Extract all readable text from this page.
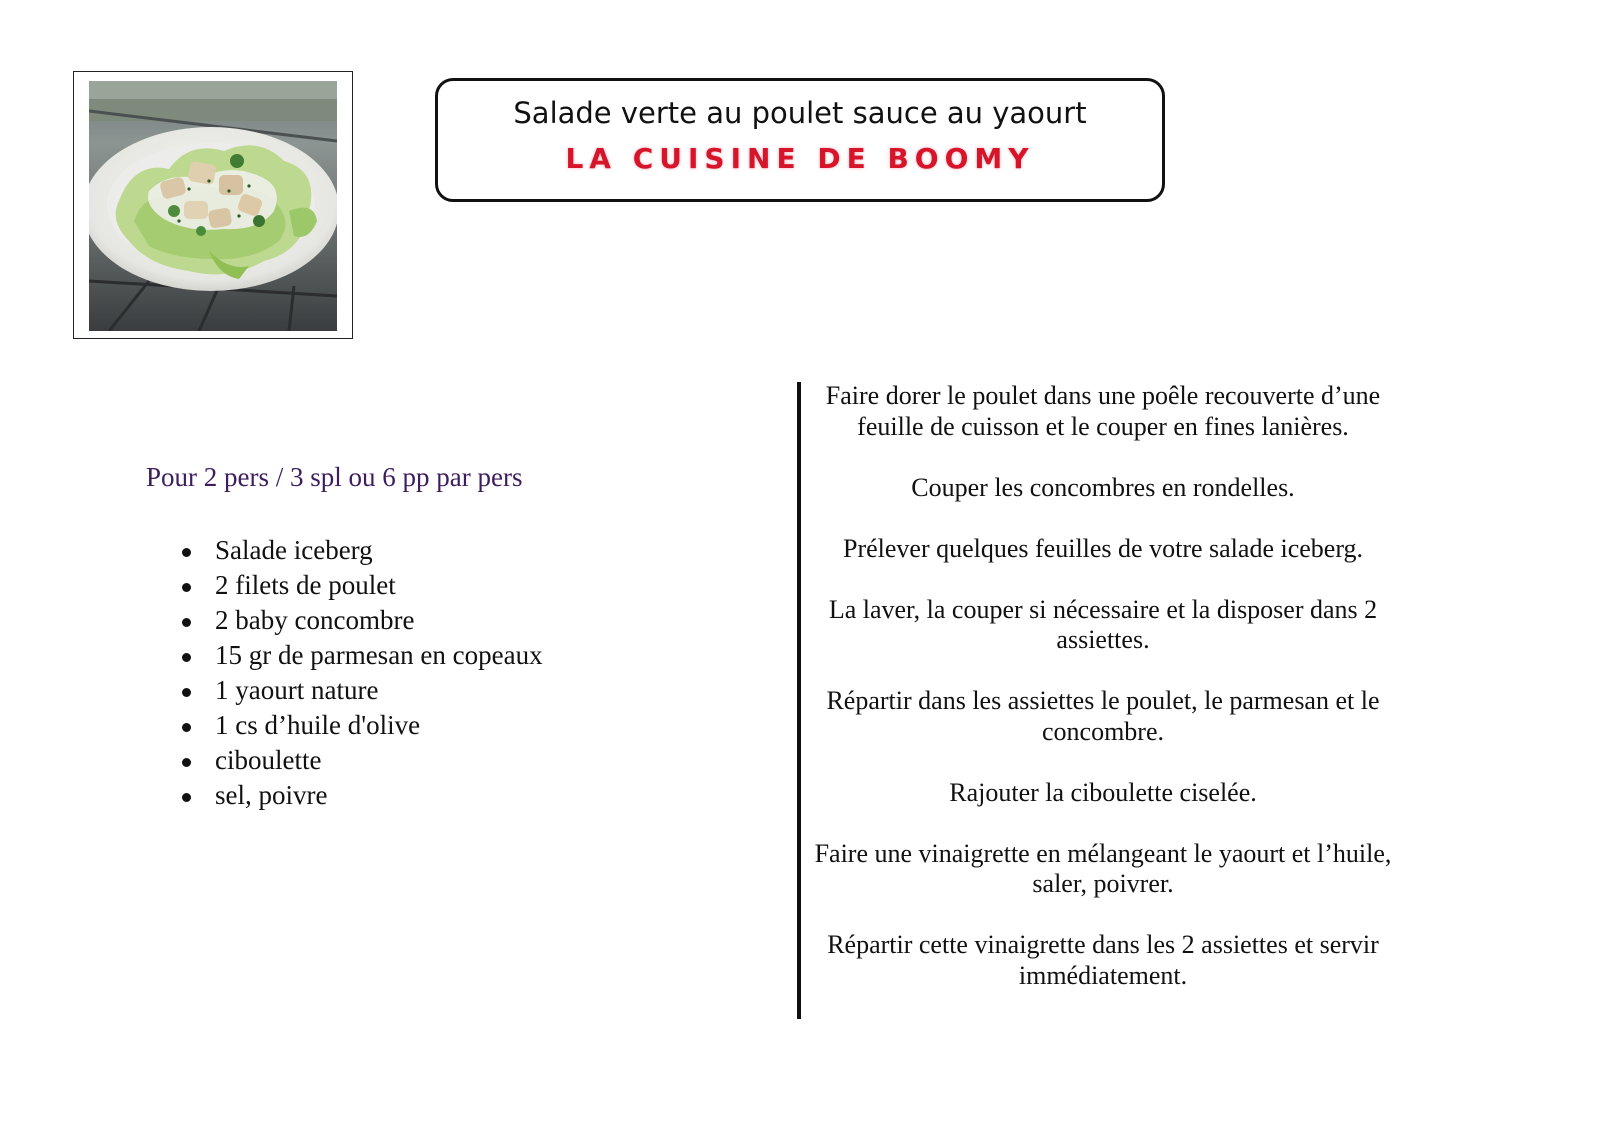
Salade verte au poulet sauce au yaourt
LA CUISINE DE BOOMY
Pour 2 pers / 3 spl ou 6 pp par pers
Salade iceberg
2 filets de poulet
2 baby concombre
15 gr de parmesan en copeaux
1 yaourt nature
1 cs d’huile d'olive
ciboulette
sel, poivre

Faire dorer le poulet dans une poêle recouverte d’une feuille de cuisson et le couper en fines lanières.

Couper les concombres en rondelles.

Prélever quelques feuilles de votre salade iceberg.

La laver, la couper si nécessaire et la disposer dans 2 assiettes.

Répartir dans les assiettes le poulet, le parmesan et le concombre.

Rajouter la ciboulette ciselée.

Faire une vinaigrette en mélangeant le yaourt et l’huile, saler, poivrer.

Répartir cette vinaigrette dans les 2 assiettes et servir immédiatement.
